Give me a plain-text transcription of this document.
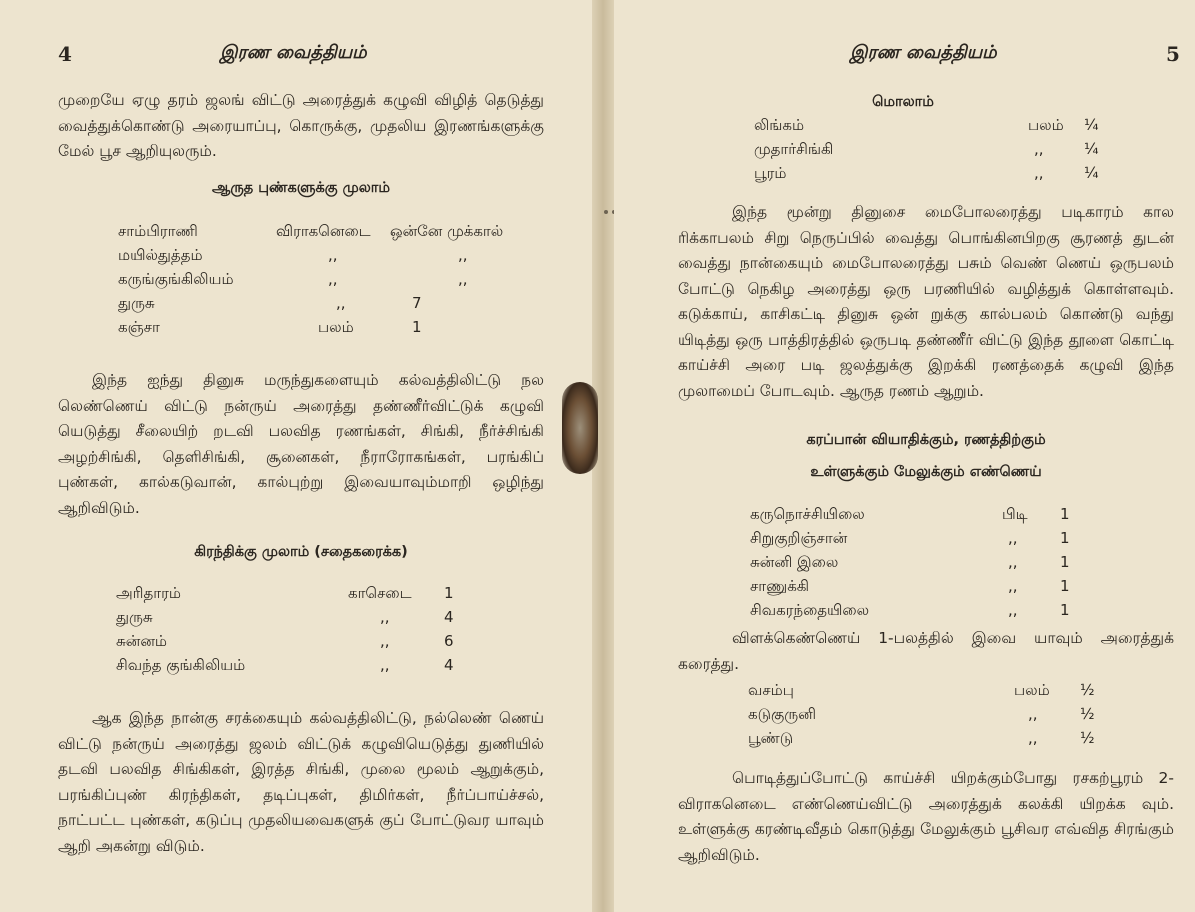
4	இரண வைத்தியம்

முறையே ஏழு தரம் ஜலங் விட்டு அரைத்துக் கழுவி விழித் தெடுத்து வைத்துக்கொண்டு அரையாப்பு, கொருக்கு, முதலிய இரணங்களுக்கு மேல் பூச ஆறியுலரும்.

ஆருத புண்களுக்கு முலாம்

சாம்பிராணி	விராகனெடை ஒன்னே முக்கால்
மயில்துத்தம்	,,	,,
கருங்குங்கிலியம்	,,	,,
துருசு	,,	7
கஞ்சா	பலம்	1

இந்த ஐந்து தினுசு மருந்துகளையும் கல்வத்திலிட்டு நல லெண்ணெய் விட்டு நன்ருய் அரைத்து தண்ணீர்விட்டுக் கழுவி யெடுத்து சீலையிற் றடவி பலவித ரணங்கள், சிங்கி, நீர்ச்சிங்கி அழற்சிங்கி, தெளிசிங்கி, சூனைகள், நீராரோகங்கள், பரங்கிப் புண்கள், கால்கடுவான், கால்புற்று இவையாவும்மாறி ஒழிந்து ஆறிவிடும்.

கிரந்திக்கு முலாம் (சதைகரைக்க)

அரிதாரம்	காசெடை 1
துருசு	,,	4
சுன்னம்	,,	6
சிவந்த குங்கிலியம்	,,	4

ஆக இந்த நான்கு சரக்கையும் கல்வத்திலிட்டு, நல்லெண் ணெய் விட்டு நன்ருய் அரைத்து ஜலம் விட்டுக் கழுவியெடுத்து துணியில் தடவி பலவித சிங்கிகள், இரத்த சிங்கி, முலை மூலம் ஆறுக்கும், பரங்கிப்புண் கிரந்திகள், தடிப்புகள், திமிர்கள், நீர்ப்பாய்ச்சல், நாட்பட்ட புண்கள், கடுப்பு முதலியவைகளுக் குப் போட்டுவர யாவும் ஆறி அகன்று விடும்.

இரண வைத்தியம்	5

மொலாம்

லிங்கம்	பலம் ¼
முதார்சிங்கி	,,	¼
பூரம்	,,	¼

இந்த மூன்று தினுசை மைபோலரைத்து படிகாரம் கால ரிக்காபலம் சிறு நெருப்பில் வைத்து பொங்கினபிறகு சூரணத் துடன் வைத்து நான்கையும் மைபோலரைத்து பசும் வெண் ணெய் ஒருபலம் போட்டு நெகிழ அரைத்து ஒரு பரணியில் வழித்துக் கொள்ளவும். கடுக்காய், காசிகட்டி தினுசு ஒன் றுக்கு கால்பலம் கொண்டு வந்து யிடித்து ஒரு பாத்திரத்தில் ஒருபடி தண்ணீர் விட்டு இந்த தூளை கொட்டி காய்ச்சி அரை படி ஜலத்துக்கு இறக்கி ரணத்தைக் கழுவி இந்த முலாமைப் போடவும். ஆருத ரணம் ஆறும்.

கரப்பான் வியாதிக்கும், ரணத்திற்கும்

உள்ளுக்கும் மேலுக்கும் எண்ணெய்

கருநொச்சியிலை	பிடி 1
சிறுகுறிஞ்சான்	,,	1
சுன்னி இலை	,,	1
சாணுக்கி	,,	1
சிவகரந்தையிலை	,,	1

விளக்கெண்ணெய் 1-பலத்தில் இவை யாவும் அரைத்துக் கரைத்து.

வசம்பு	பலம் ½
கடுகுருனி	,,	½
பூண்டு	,,	½

பொடித்துப்போட்டு காய்ச்சி யிறக்கும்போது ரசகற்பூரம் 2-விராகனெடை எண்ணெய்விட்டு அரைத்துக் கலக்கி யிறக்க வும். உள்ளுக்கு கரண்டிவீதம் கொடுத்து மேலுக்கும் பூசிவர எவ்வித சிரங்கும் ஆறிவிடும்.
